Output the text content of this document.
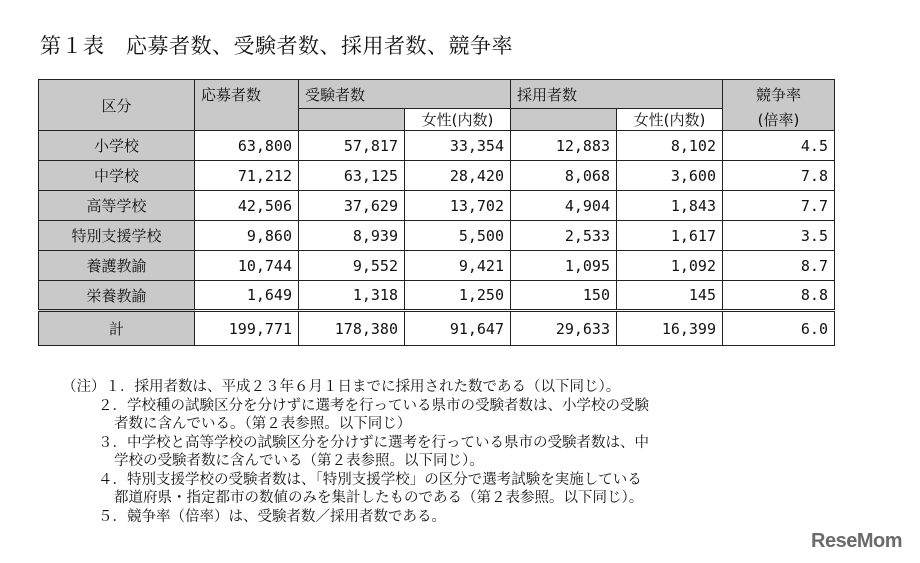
第１表　応募者数、受験者数、採用者数、競争率
区分	応募者数	受験者数		採用者数		競争率
			女性(内数)		女性(内数)	(倍率)
小学校	63,800	57,817	33,354	12,883	8,102	4.5
中学校	71,212	63,125	28,420	8,068	3,600	7.8
高等学校	42,506	37,629	13,702	4,904	1,843	7.7
特別支援学校	9,860	8,939	5,500	2,533	1,617	3.5
養護教諭	10,744	9,552	9,421	1,095	1,092	8.7
栄養教諭	1,649	1,318	1,250	150	145	8.8
計	199,771	178,380	91,647	29,633	16,399	6.0
（注）１．採用者数は、平成２３年６月１日までに採用された数である（以下同じ）。
２．学校種の試験区分を分けずに選考を行っている県市の受験者数は、小学校の受験
者数に含んでいる。（第２表参照。以下同じ）
３．中学校と高等学校の試験区分を分けずに選考を行っている県市の受験者数は、中
学校の受験者数に含んでいる（第２表参照。以下同じ）。
４．特別支援学校の受験者数は、「特別支援学校」の区分で選考試験を実施している
都道府県・指定都市の数値のみを集計したものである（第２表参照。以下同じ）。
５．競争率（倍率）は、受験者数／採用者数である。
ReseMom
